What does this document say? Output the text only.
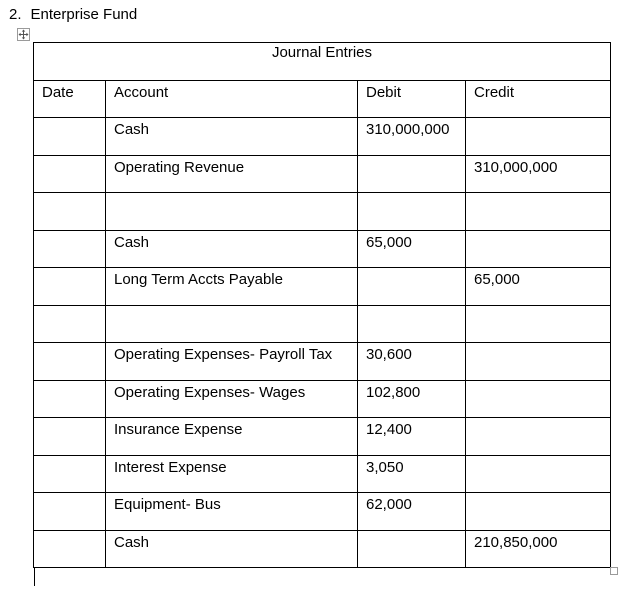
2. Enterprise Fund
Journal Entries			

Date	Account	Debit	Credit

	Cash	310,000,000	

	Operating Revenue		310,000,000

	Cash	65,000	

	Long Term Accts Payable		65,000

	Operating Expenses- Payroll Tax	30,600	

	Operating Expenses- Wages	102,800	

	Insurance Expense	12,400	

	Interest Expense	3,050	

	Equipment- Bus	62,000	

	Cash		210,850,000
